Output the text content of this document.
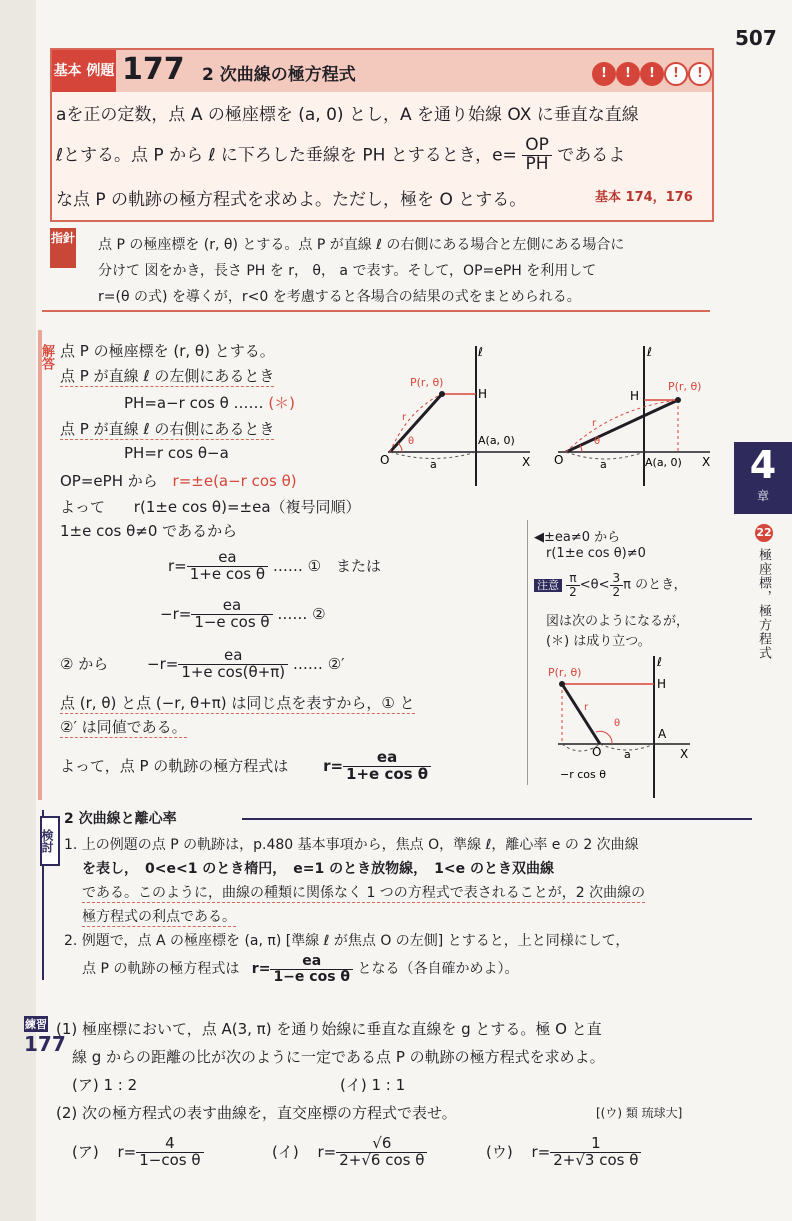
507
基本 例題 177 2 次曲線の極方程式	!	!	!	!	!
aを正の定数，点 A の極座標を (a, 0) とし，A を通り始線 OX に垂直な直線
ℓとする。点 P から ℓ に下ろした垂線を PH とするとき，$e= \frac{OP}{PH}$ であるよ
な点 P の軌跡の極方程式を求めよ。ただし，極を O とする。	基本 174，176
指針 点 P の極座標を (r, θ) とする。点 P が直線 ℓ の右側にある場合と左側にある場合に
分けて 図をかき，長さ PH を r， θ， a で表す。そして，OP=ePH を利用して
r=(θ の式) を導くが，r<0 を考慮すると各場合の結果の式をまとめられる。
解答 点 P の極座標を (r, θ) とする。
点 P が直線 ℓ の左側にあるとき
PH=a−r cos θ …… (＊)
点 P が直線 ℓ の右側にあるとき
PH=r cos θ−a
OP=ePH から r=±e(a−r cos θ)
よって r(1±e cos θ)=±ea（複号同順）
1±e cos θ≠0 であるから
$r= \frac{ea}{\text{1+e cos θ}}$ …… ①　または
$-r= \frac{ea}{\text{1−e cos θ}}$ …… ②
② から	$-r= \frac{ea}{\text{1+e cos(θ+π)}}$ …… ②′
点 (r, θ) と点 (−r, θ+π) は同じ点を表すから，① と
②′ は同値である。
よって，点 P の軌跡の極方程式は $r= \frac{ea}{\text{1+e cos θ}}$
ℓ
P(r, θ)
H
A(a, 0)
O	X
a
r
θ
ℓ
P(r, θ)
H
A(a, 0)
O	X
a
r
θ
◀±ea≠0 から
r(1±e cos θ)≠0
注意 $\frac{\pi}{2} <\theta< \frac{3}{2}$ π のとき，
図は次のようになるが，
(＊) は成り立つ。
ℓ
P(r, θ)
H
A
O	X
a
r
θ
−r cos θ
4
章
22
極座標，極方程式
検討
2 次曲線と離心率
1. 上の例題の点 P の軌跡は，p.480 基本事項から，焦点 O，準線 ℓ，離心率 e の 2 次曲線
を表し，　0<e<1 のとき楕円，　e=1 のとき放物線，　1<e のとき双曲線
である。このように，曲線の種類に関係なく 1 つの方程式で表されることが，2 次曲線の
極方程式の利点である。
2. 例題で，点 A の極座標を (a, π) [準線 ℓ が焦点 O の左側] とすると，上と同様にして，
点 P の軌跡の極方程式は $r= \frac{ea}{\text{1−e cos θ}}$ となる（各自確かめよ）。
練習
177
(1) 極座標において，点 A(3, π) を通り始線に垂直な直線を g とする。極 O と直
線 g からの距離の比が次のように一定である点 P の軌跡の極方程式を求めよ。
(ア) 1 : 2	(イ) 1 : 1
(2) 次の極方程式の表す曲線を，直交座標の方程式で表せ。	[(ウ) 類 琉球大]
(ア) $r= \frac{4}{\text{1−cos θ}}$	(イ) $r= \frac{√6}{\text{2+√6 cos θ}}$	(ウ) $r= \frac{1}{\text{2+√3 cos θ}}$
